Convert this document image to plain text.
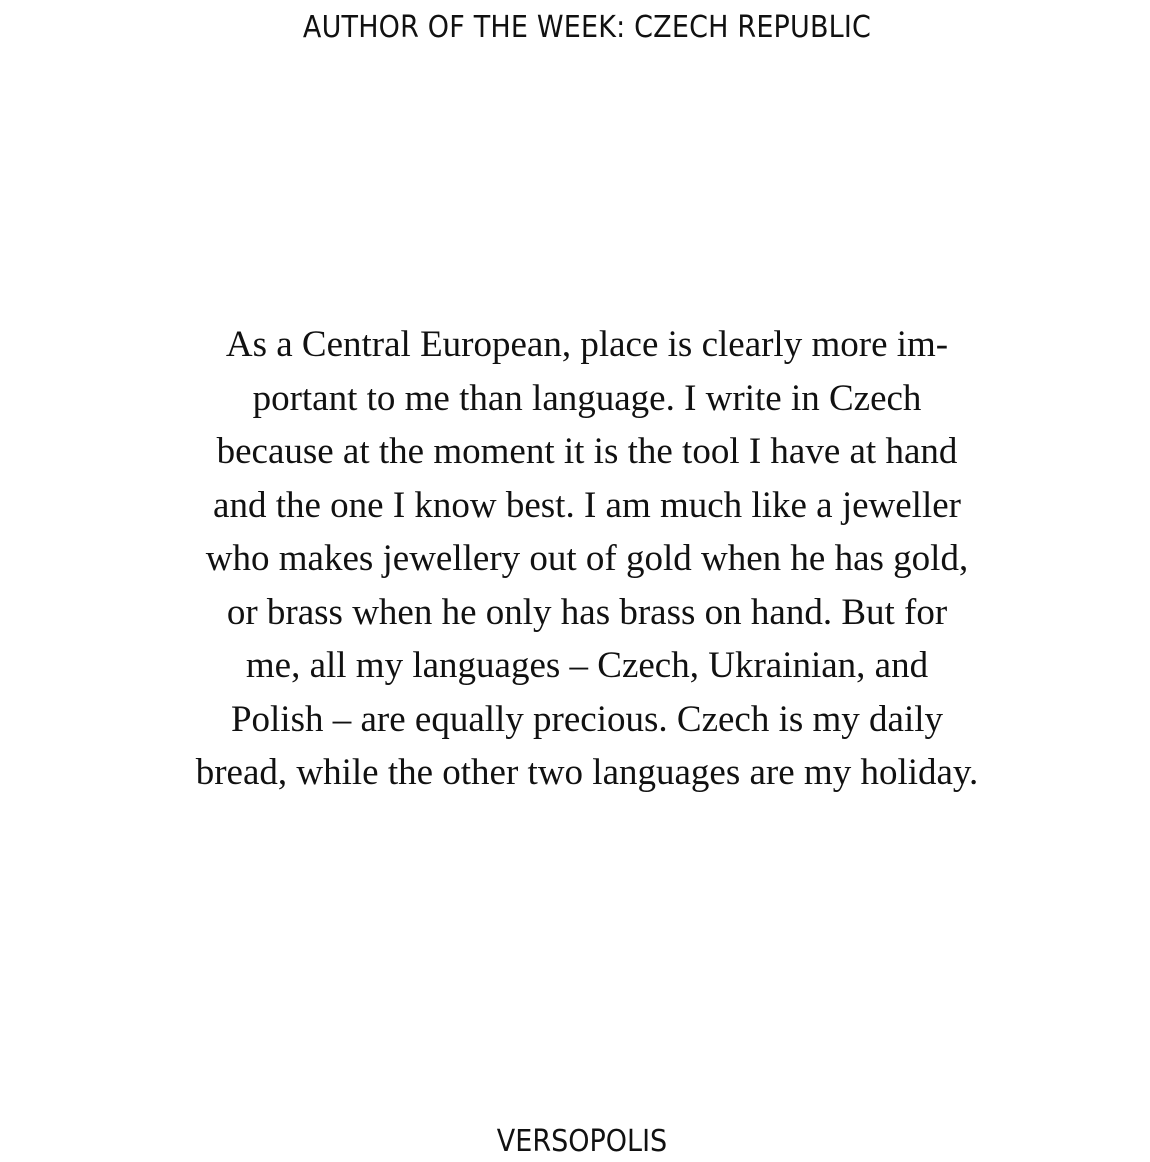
AUTHOR OF THE WEEK: CZECH REPUBLIC
As a Central European, place is clearly more im-
portant to me than language. I write in Czech
because at the moment it is the tool I have at hand
and the one I know best. I am much like a jeweller
who makes jewellery out of gold when he has gold,
or brass when he only has brass on hand. But for
me, all my languages – Czech, Ukrainian, and
Polish – are equally precious. Czech is my daily
bread, while the other two languages are my holiday.
VERSOPOLIS
